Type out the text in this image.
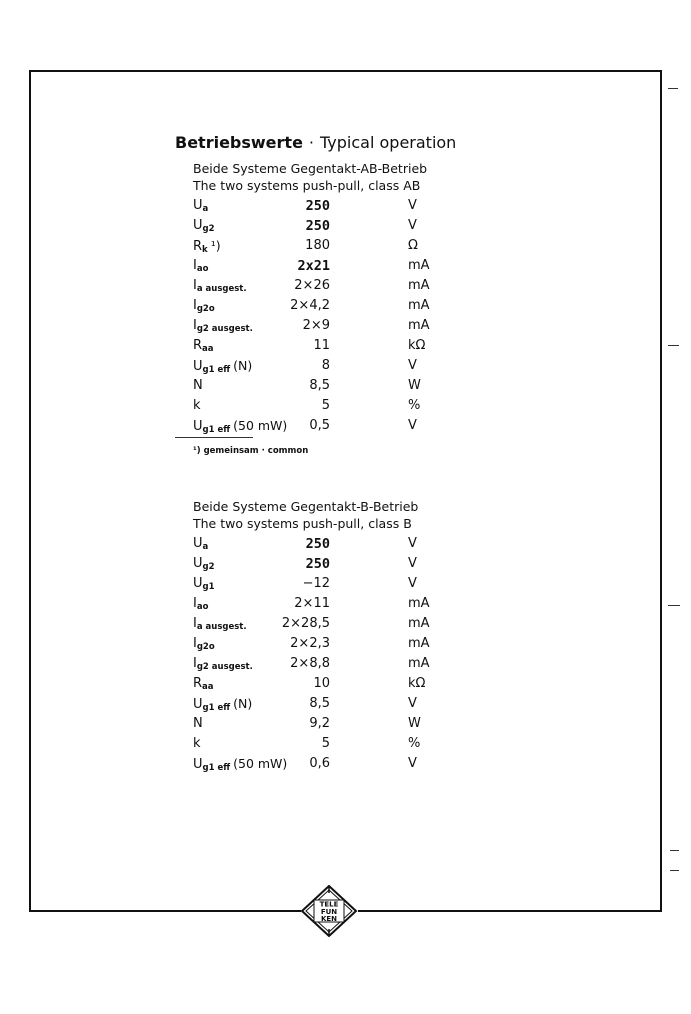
Betriebswerte · Typical operation
Beide Systeme Gegentakt-AB-Betrieb
The two systems push-pull, class AB
$U_a$	250	V
$U_{g2}$	250	V
$R_k$ ¹)	180	Ω
$I_{ao}$	2x21	mA
$I_{a ausgest.}$	2×26	mA
$I_{g2o}$	2×4,2	mA
$I_{g2 ausgest.}$	2×9	mA
$R_{aa}$	11	kΩ
$U_{g1 eff}$ (N)	8	V
N	8,5	W
k	5	%
$U_{g1 eff}$ (50 mW) 0,5	V
¹) gemeinsam · common
Beide Systeme Gegentakt-B-Betrieb
The two systems push-pull, class B
$U_a$	250	V
$U_{g2}$	250	V
$U_{g1}$	−12	V
$I_{ao}$	2×11	mA
$I_{a ausgest.}$	2×28,5	mA
$I_{g2o}$	2×2,3	mA
$I_{g2 ausgest.}$	2×8,8	mA
$R_{aa}$	10	kΩ
$U_{g1 eff}$ (N)	8,5	V
N	9,2	W
k	5	%
$U_{g1 eff}$ (50 mW) 0,6	V
TELE
FUN
KEN
